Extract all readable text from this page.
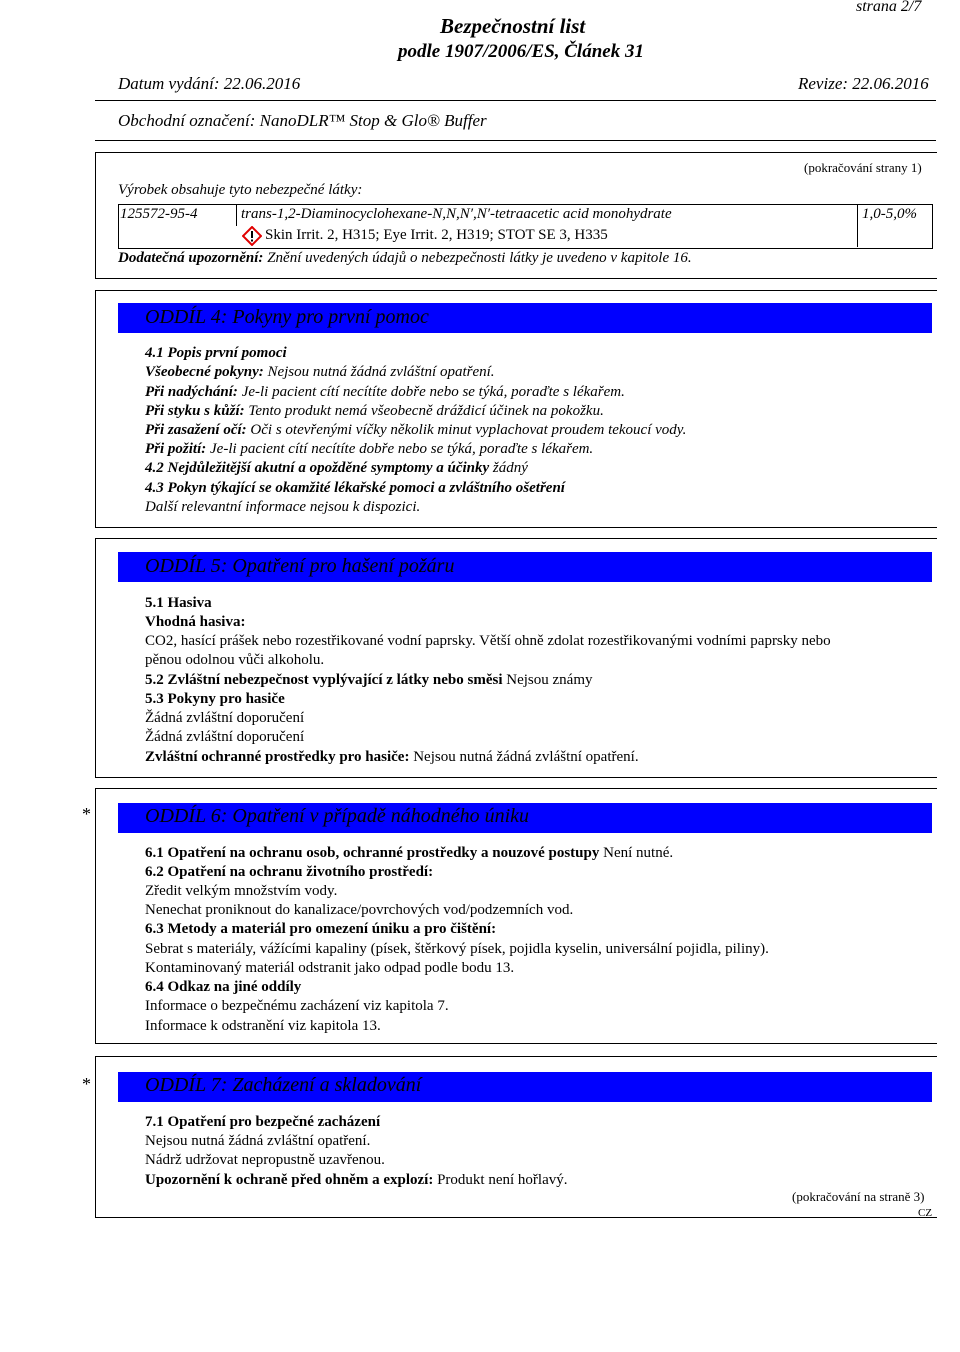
strana 2/7
Bezpečnostní list
podle 1907/2006/ES, Článek 31
Datum vydání: 22.06.2016	Revize: 22.06.2016
Obchodní označení: NanoDLR™ Stop & Glo® Buffer
(pokračování strany 1)
Výrobek obsahuje tyto nebezpečné látky:
125572-95-4	trans-1,2-Diaminocyclohexane-N,N,N′,N′-tetraacetic acid monohydrate	1,0-5,0%
Skin Irrit. 2, H315; Eye Irrit. 2, H319; STOT SE 3, H335
Dodatečná upozornění: Znění uvedených údajů o nebezpečnosti látky je uvedeno v kapitole 16.
ODDÍL 4: Pokyny pro první pomoc
4.1 Popis první pomoci
Všeobecné pokyny: Nejsou nutná žádná zvláštní opatření.
Při nadýchání: Je-li pacient cítí necítíte dobře nebo se týká, poraďte s lékařem.
Při styku s kůží: Tento produkt nemá všeobecně dráždicí účinek na pokožku.
Při zasažení očí: Oči s otevřenými víčky několik minut vyplachovat proudem tekoucí vody.
Při požití: Je-li pacient cítí necítíte dobře nebo se týká, poraďte s lékařem.
4.2 Nejdůležitější akutní a opožděné symptomy a účinky žádný
4.3 Pokyn týkající se okamžité lékařské pomoci a zvláštního ošetření
Další relevantní informace nejsou k dispozici.
ODDÍL 5: Opatření pro hašení požáru
5.1 Hasiva
Vhodná hasiva:
CO2, hasící prášek nebo rozestřikované vodní paprsky. Větší ohně zdolat rozestřikovanými vodními paprsky nebo
pěnou odolnou vůči alkoholu.
5.2 Zvláštní nebezpečnost vyplývající z látky nebo směsi Nejsou známy
5.3 Pokyny pro hasiče
Žádná zvláštní doporučení
Žádná zvláštní doporučení
Zvláštní ochranné prostředky pro hasiče: Nejsou nutná žádná zvláštní opatření.
*	ODDÍL 6: Opatření v případě náhodného úniku
6.1 Opatření na ochranu osob, ochranné prostředky a nouzové postupy Není nutné.
6.2 Opatření na ochranu životního prostředí:
Zředit velkým množstvím vody.
Nenechat proniknout do kanalizace/povrchových vod/podzemních vod.
6.3 Metody a materiál pro omezení úniku a pro čištění:
Sebrat s materiály, vážícími kapaliny (písek, štěrkový písek, pojidla kyselin, universální pojidla, piliny).
Kontaminovaný materiál odstranit jako odpad podle bodu 13.
6.4 Odkaz na jiné oddíly
Informace o bezpečnému zacházení viz kapitola 7.
Informace k odstranění viz kapitola 13.
*	ODDÍL 7: Zacházení a skladování
7.1 Opatření pro bezpečné zacházení
Nejsou nutná žádná zvláštní opatření.
Nádrž udržovat nepropustně uzavřenou.
Upozornění k ochraně před ohněm a explozí: Produkt není hořlavý.
(pokračování na straně 3)
CZ
